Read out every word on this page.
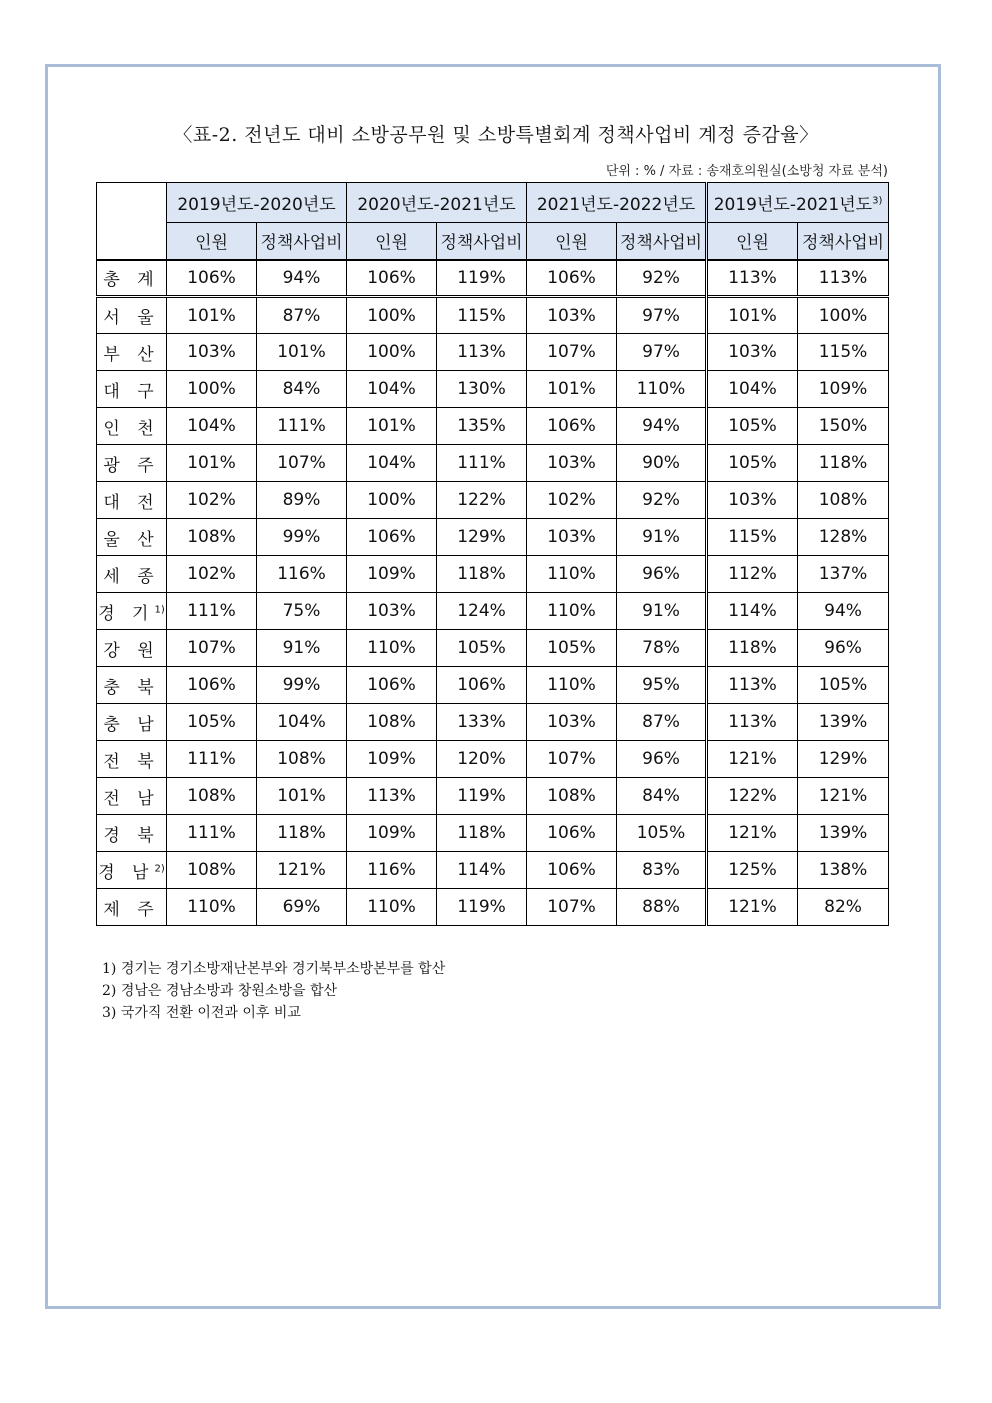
〈표-2. 전년도 대비 소방공무원 및 소방특별회계 정책사업비 계정 증감율〉
단위 : % / 자료 : 송재호의원실(소방청 자료 분석)
	2019년도-2020년도		2020년도-2021년도		2021년도-2022년도		2019년도-2021년도$^{3)}$
	인원	정책사업비	인원	정책사업비	인원	정책사업비	인원	정책사업비
총 계	106%	94%	106%	119%	106%	92%	113%	113%
서 울	101%	87%	100%	115%	103%	97%	101%	100%
부 산	103%	101%	100%	113%	107%	97%	103%	115%
대 구	100%	84%	104%	130%	101%	110%	104%	109%
인 천	104%	111%	101%	135%	106%	94%	105%	150%
광 주	101%	107%	104%	111%	103%	90%	105%	118%
대 전	102%	89%	100%	122%	102%	92%	103%	108%
울 산	108%	99%	106%	129%	103%	91%	115%	128%
세 종	102%	116%	109%	118%	110%	96%	112%	137%
경 기$^{1)}$	111%	75%	103%	124%	110%	91%	114%	94%
강 원	107%	91%	110%	105%	105%	78%	118%	96%
충 북	106%	99%	106%	106%	110%	95%	113%	105%
충 남	105%	104%	108%	133%	103%	87%	113%	139%
전 북	111%	108%	109%	120%	107%	96%	121%	129%
전 남	108%	101%	113%	119%	108%	84%	122%	121%
경 북	111%	118%	109%	118%	106%	105%	121%	139%
경 남$^{2)}$	108%	121%	116%	114%	106%	83%	125%	138%
제 주	110%	69%	110%	119%	107%	88%	121%	82%
1) 경기는 경기소방재난본부와 경기북부소방본부를 합산
2) 경남은 경남소방과 창원소방을 합산
3) 국가직 전환 이전과 이후 비교
